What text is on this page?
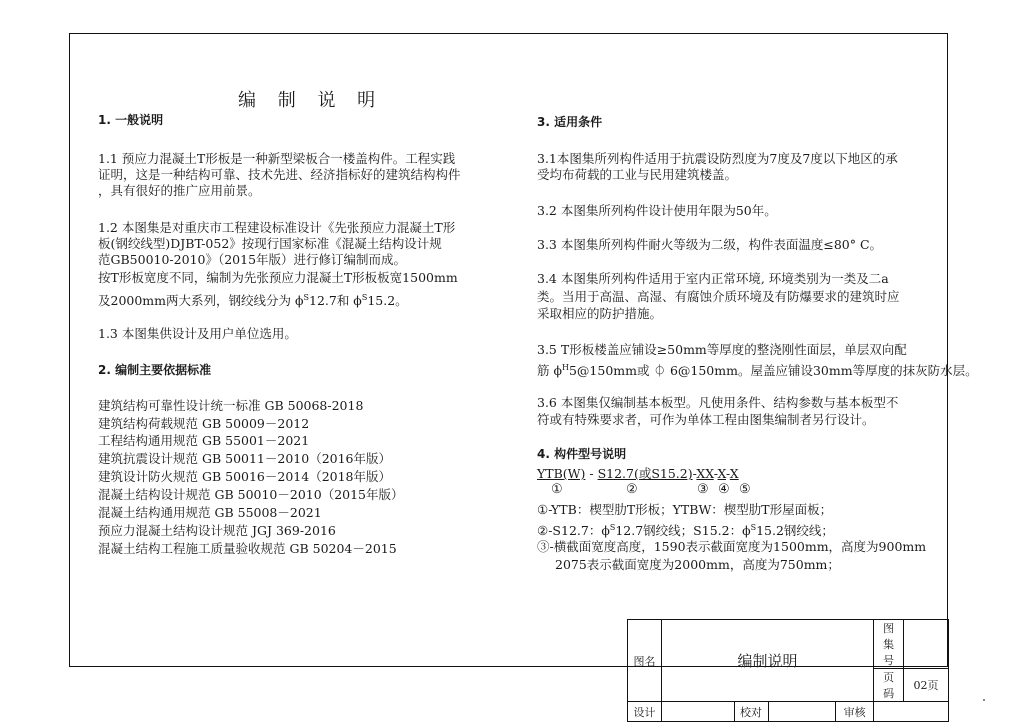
编 制 说 明
1. 一般说明
1.1 预应力混凝土T形板是一种新型梁板合一楼盖构件。工程实践
证明，这是一种结构可靠、技术先进、经济指标好的建筑结构构件
，具有很好的推广应用前景。
1.2 本图集是对重庆市工程建设标准设计《先张预应力混凝土T形
板(钢绞线型)DJBT-052》按现行国家标准《混凝土结构设计规
范GB50010-2010》（2015年版）进行修订编制而成。
按T形板宽度不同，编制为先张预应力混凝土T形板板宽1500mm
及2000mm两大系列，钢绞线分为 $\phi^S12.7$和 $\phi^S15.2$。
1.3 本图集供设计及用户单位选用。
2. 编制主要依据标准
建筑结构可靠性设计统一标准 GB 50068-2018
建筑结构荷载规范 GB 50009－2012
工程结构通用规范 GB 55001－2021
建筑抗震设计规范 GB 50011－2010（2016年版）
建筑设计防火规范 GB 50016－2014（2018年版）
混凝土结构设计规范 GB 50010－2010（2015年版）
混凝土结构通用规范 GB 55008－2021
预应力混凝土结构设计规范 JGJ 369-2016
混凝土结构工程施工质量验收规范 GB 50204－2015
3. 适用条件
3.1本图集所列构件适用于抗震设防烈度为7度及7度以下地区的承
受均布荷载的工业与民用建筑楼盖。
3.2 本图集所列构件设计使用年限为50年。
3.3 本图集所列构件耐火等级为二级，构件表面温度≤80° C。
3.4 本图集所列构件适用于室内正常环境, 环境类别为一类及二a
类。当用于高温、高湿、有腐蚀介质环境及有防爆要求的建筑时应
采取相应的防护措施。
3.5 T形板楼盖应铺设≥50mm等厚度的整浇刚性面层，单层双向配
筋 $\phi^H5@150mm$或 ⏀ 6@150mm。屋盖应铺设30mm等厚度的抹灰防水层。
3.6 本图集仅编制基本板型。凡使用条件、结构参数与基本板型不
符或有特殊要求者，可作为单体工程由图集编制者另行设计。
4. 构件型号说明
YTB(W) - S12.7(或S15.2)-XX-X-X
①	②	③ ④ ⑤
①-YTB：楔型肋T形板；YTBW：楔型肋T形屋面板；
②-S12.7：$\phi^S12.7$钢绞线；S15.2：$\phi^S15.2$钢绞线；
③-横截面宽度高度，1590表示截面宽度为1500mm，高度为900mm
2075表示截面宽度为2000mm，高度为750mm；
图名	编制说明				图集号	
					页码	02页
设计		校对		审核		
